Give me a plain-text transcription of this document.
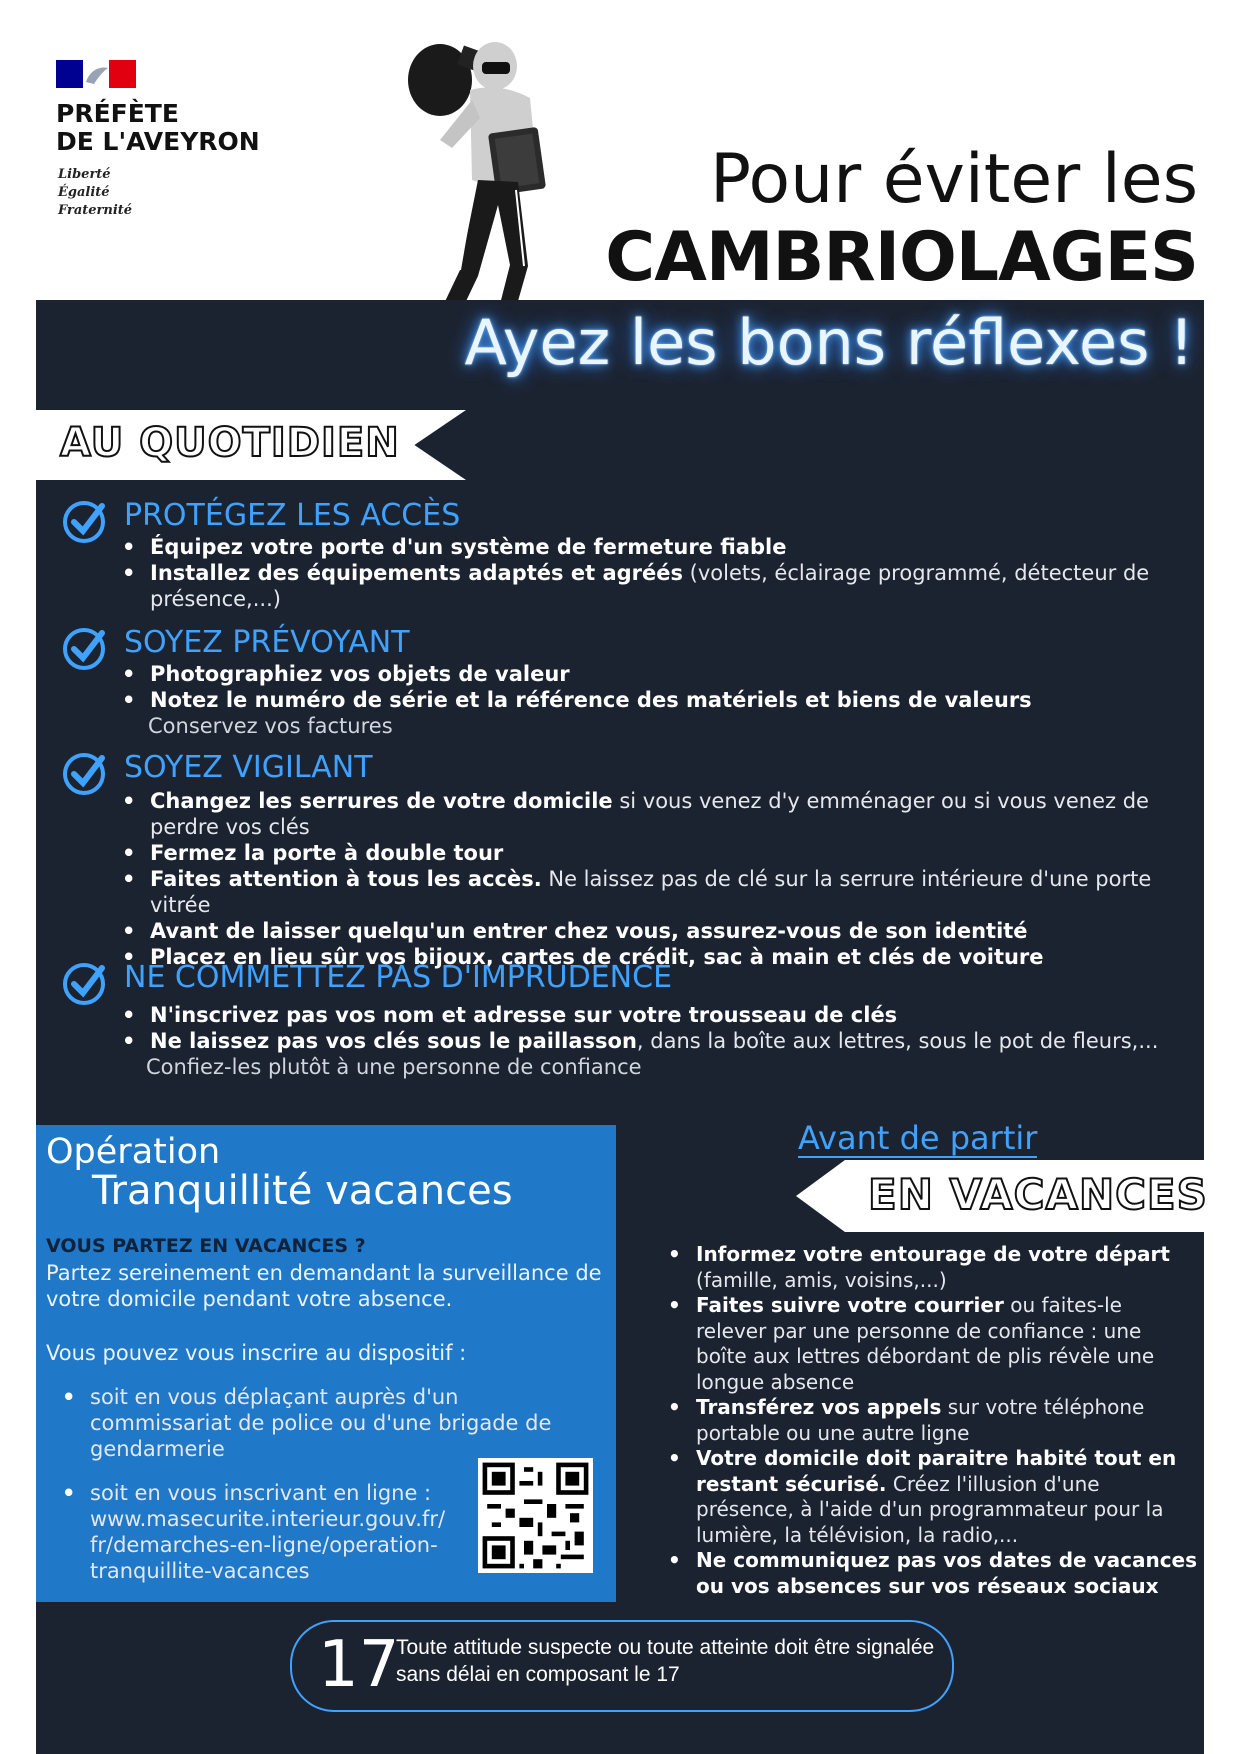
PRÉFÈTE
DE L'AVEYRON
Liberté
Égalité
Fraternité	Pour éviter les
CAMBRIOLAGES
Ayez les bons réflexes !
AU QUOTIDIEN
PROTÉGEZ LES ACCÈS
• Équipez votre porte d'un système de fermeture fiable
• Installez des équipements adaptés et agréés (volets, éclairage programmé, détecteur de présence,...)
SOYEZ PRÉVOYANT
• Photographiez vos objets de valeur
• Notez le numéro de série et la référence des matériels et biens de valeurs
Conservez vos factures
SOYEZ VIGILANT
• Changez les serrures de votre domicile si vous venez d'y emménager ou si vous venez de perdre vos clés
• Fermez la porte à double tour
• Faites attention à tous les accès. Ne laissez pas de clé sur la serrure intérieure d'une porte vitrée
• Avant de laisser quelqu'un entrer chez vous, assurez-vous de son identité
• Placez en lieu sûr vos bijoux, cartes de crédit, sac à main et clés de voiture
NE COMMETTEZ PAS D'IMPRUDENCE
• N'inscrivez pas vos nom et adresse sur votre trousseau de clés
• Ne laissez pas vos clés sous le paillasson, dans la boîte aux lettres, sous le pot de fleurs,...
Confiez-les plutôt à une personne de confiance
Opération
Tranquillité vacances
VOUS PARTEZ EN VACANCES ?
Partez sereinement en demandant la surveillance de votre domicile pendant votre absence.
Vous pouvez vous inscrire au dispositif :
• soit en vous déplaçant auprès d'un commissariat de police ou d'une brigade de gendarmerie
• soit en vous inscrivant en ligne : www.masecurite.interieur.gouv.fr/ fr/demarches-en-ligne/operation-tranquillite-vacances
Avant de partir
EN VACANCES
• Informez votre entourage de votre départ (famille, amis, voisins,...)
• Faites suivre votre courrier ou faites-le relever par une personne de confiance : une boîte aux lettres débordant de plis révèle une longue absence
• Transférez vos appels sur votre téléphone portable ou une autre ligne
• Votre domicile doit paraitre habité tout en restant sécurisé. Créez l'illusion d'une présence, à l'aide d'un programmateur pour la lumière, la télévision, la radio,...
• Ne communiquez pas vos dates de vacances ou vos absences sur vos réseaux sociaux
17
Toute attitude suspecte ou toute atteinte doit être signalée sans délai en composant le 17
